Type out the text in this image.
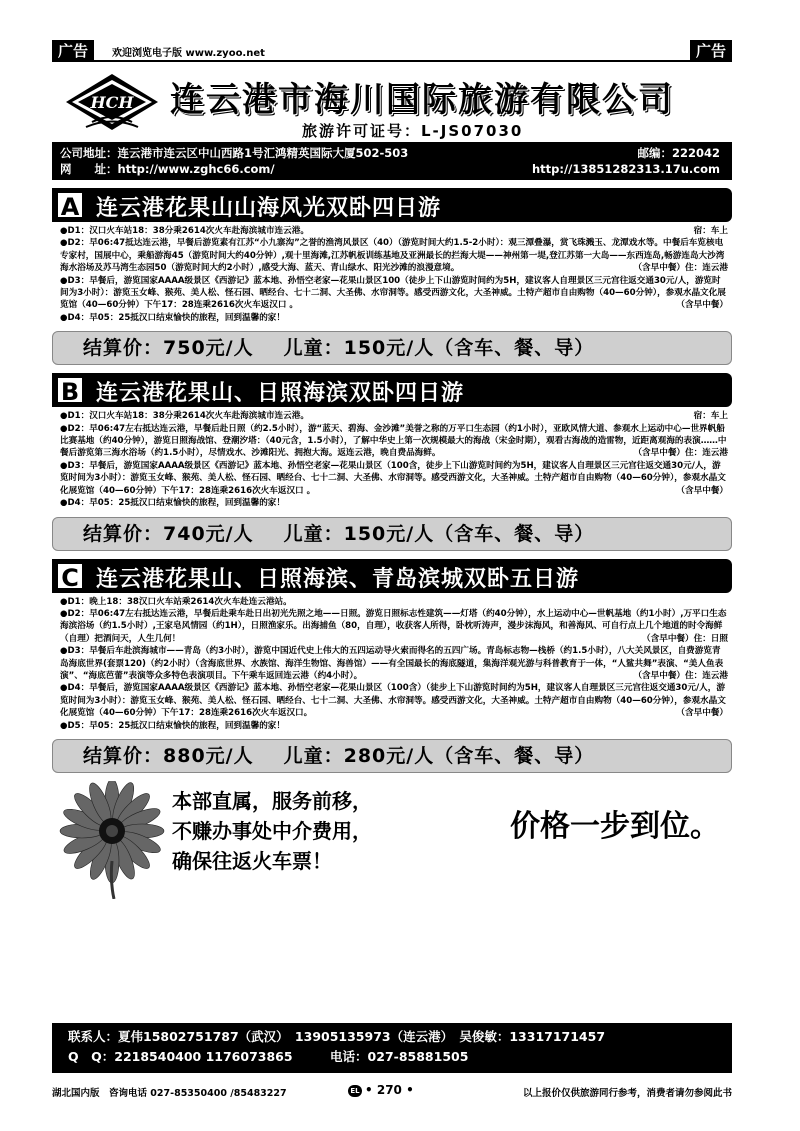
广告	欢迎浏览电子版 www.zyoo.net	广告
HCH 连云港市海川国际旅游有限公司
旅游许可证号：L-JS07030
公司地址：连云港市连云区中山西路1号汇鸿精英国际大厦502-503	邮编：222042
网　　址：http://www.zghc66.com/	http://13851282313.17u.com
A 连云港花果山山海风光双卧四日游
宿：车上
●D1：汉口火车站18：38分乘2614次火车赴海滨城市连云港。
●D2：早06:47抵达连云港，早餐后游览素有江苏“小九寨沟”之誉的渔湾风景区（40）（游览时间大约1.5-2小时）：观三潭叠瀑，赏飞珠溅玉、龙潭戏水等。中餐后车览核电专家村，国展中心，乘船游海45（游览时间大约40分钟）,观十里海滩,江苏帆板训练基地及亚洲最长的拦海大堤——神州第一堤,登江苏第一大岛——东西连岛,畅游连岛大沙湾海水浴场及苏马湾生态园50（游览时间大约2小时）,感受大海、蓝天、青山绿水、阳光沙滩的浪漫意境。	（含早中餐）住：连云港
●D3：早餐后，游览国家AAAA级景区《西游记》蓝本地、孙悟空老家—花果山景区100（徒步上下山游览时间约为5H，建议客人自理景区三元宫往返交通30元/人，游览时间为3小时）：游览玉女峰、猴苑、美人松、怪石园、晒经台、七十二洞、大圣佛、水帘洞等。感受西游文化，大圣神威。土特产超市自由购物（40—60分钟），参观水晶文化展览馆（40—60分钟）下午17：28连乘2616次火车返汉口 。	（含早中餐）
●D4：早05：25抵汉口结束愉快的旅程，回到温馨的家！
结算价：750元/人 儿童：150元/人（含车、餐、导）
B 连云港花果山、日照海滨双卧四日游
宿：车上
●D1：汉口火车站18：38分乘2614次火车赴海滨城市连云港。
●D2：早06:47左右抵达连云港，早餐后赴日照（约2.5小时），游“蓝天、碧海、金沙滩”美誉之称的万平口生态园（约1小时），亚欧风情大道、参观水上运动中心—世界帆船比赛基地（约40分钟），游览日照海战馆、登潮汐塔：（40元含，1.5小时），了解中华史上第一次规模最大的海战（宋金时期），观看古海战的造雷物，近距离观海的表演……中餐后游览第三海水浴场（约1.5小时），尽情戏水、沙滩阳光、拥抱大海。返连云港，晚自费品海鲜。	（含早中餐）住：连云港
●D3：早餐后，游览国家AAAA级景区《西游记》蓝本地、孙悟空老家—花果山景区（100含，徒步上下山游览时间约为5H，建议客人自理景区三元宫往返交通30元/人，游览时间为3小时）：游览玉女峰、猴苑、美人松、怪石园、晒经台、七十二洞、大圣佛、水帘洞等。感受西游文化，大圣神威。土特产超市自由购物（40—60分钟），参观水晶文化展览馆（40—60分钟）下午17：28连乘2616次火车返汉口 。	（含早中餐）
●D4：早05：25抵汉口结束愉快的旅程，回到温馨的家！
结算价：740元/人 儿童：150元/人（含车、餐、导）
C 连云港花果山、日照海滨、青岛滨城双卧五日游
●D1：晚上18：38汉口火车站乘2614次火车赴连云港站。
●D2：早06:47左右抵达连云港，早餐后赴乘车赴日出初光先照之地——日照。游览日照标志性建筑——灯塔（约40分钟），水上运动中心—世帆基地（约1小时）,万平口生态海滨浴场（约1.5小时）,王家皂风情园（约1H），日照渔家乐。出海捕鱼（80，自理），收获客人所得，卧枕听涛声，漫步沫海风，和善海风、可自行点上几个地道的时令海鲜（自理）把酒问天，人生几何！	（含早中餐）住：日照
●D3：早餐后车赴滨海城市——青岛（约3小时），游览中国近代史上伟大的五四运动导火索而得名的五四广场。青岛标志物—栈桥（约1.5小时），八大关风景区，自费游览青岛海底世界(套票120)（约2小时）（含海底世界、水族馆、海洋生物馆、海兽馆）——有全国最长的海底隧道，集海洋观光游与科普教育于一体，“人鲨共舞”表演、“美人鱼表演”、“海底芭蕾”表演等众多特色表演项目。下午乘车返回连云港（约4小时）。	（含早中餐）住：连云港
●D4：早餐后，游览国家AAAA级景区《西游记》蓝本地、孙悟空老家—花果山景区（100含）（徒步上下山游览时间约为5H，建议客人自理景区三元宫往返交通30元/人，游览时间为3小时）：游览玉女峰、猴苑、美人松、怪石园、晒经台、七十二洞、大圣佛、水帘洞等。感受西游文化，大圣神威。土特产超市自由购物（40—60分钟），参观水晶文化展览馆（40—60分钟）下午17：28连乘2616次火车返汉口。	（含早中餐）
●D5：早05：25抵汉口结束愉快的旅程，回到温馨的家！
结算价：880元/人 儿童：280元/人（含车、餐、导）
本部直属，服务前移，
不赚办事处中介费用，
确保往返火车票！
价格一步到位。
联系人：夏伟15802751787（武汉）　13905135973（连云港）　吴俊敏：13317171457
Q　Q：2218540400 1176073865　　　电话：027-85881505
湖北国内版　咨询电话 027-85350400 /85483227	EL • 270 •	以上报价仅供旅游同行参考，消费者请勿参阅此书
